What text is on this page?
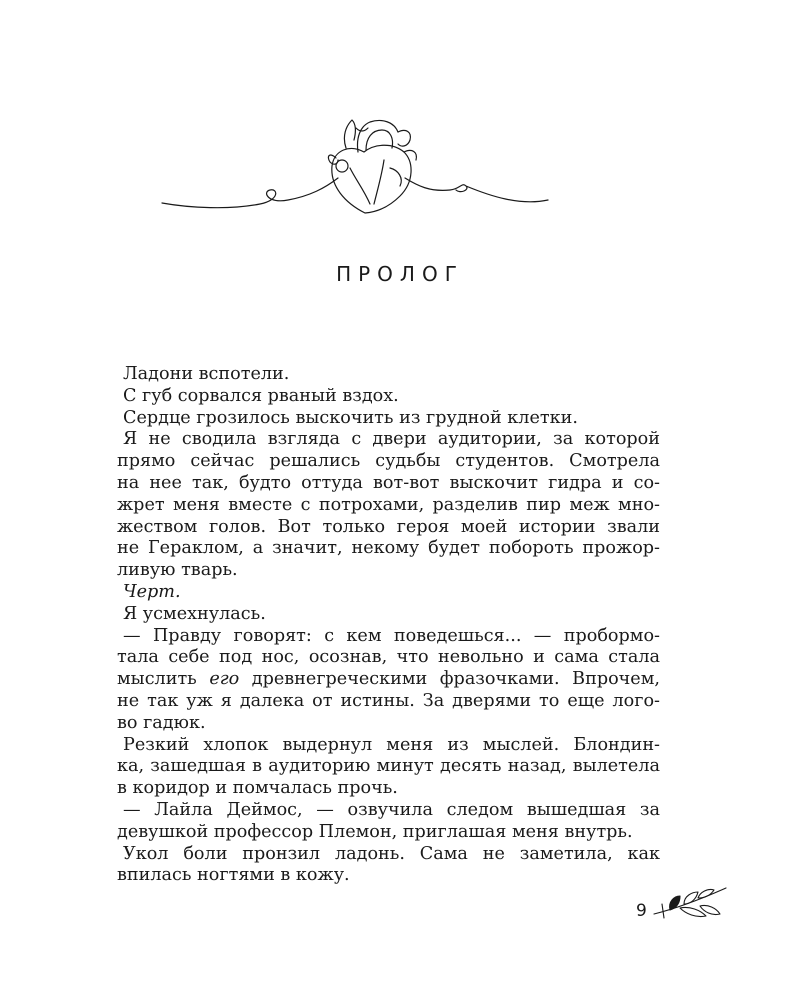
ПРОЛОГ
Ладони вспотели.
С губ сорвался рваный вздох.
Сердце грозилось выскочить из грудной клетки.
Я не сводила взгляда с двери аудитории, за которой
прямо сейчас решались судьбы студентов. Смотрела
на нее так, будто оттуда вот-вот выскочит гидра и со-
жрет меня вместе с потрохами, разделив пир меж мно-
жеством голов. Вот только героя моей истории звали
не Гераклом, а значит, некому будет побороть прожор-
ливую тварь.
Черт.
Я усмехнулась.
— Правду говорят: с кем поведешься... — пробормо-
тала себе под нос, осознав, что невольно и сама стала
мыслить его древнегреческими фразочками. Впрочем,
не так уж я далека от истины. За дверями то еще лого-
во гадюк.
Резкий хлопок выдернул меня из мыслей. Блондин-
ка, зашедшая в аудиторию минут десять назад, вылетела
в коридор и помчалась прочь.
— Лайла Деймос, — озвучила следом вышедшая за
девушкой профессор Племон, приглашая меня внутрь.
Укол боли пронзил ладонь. Сама не заметила, как
впилась ногтями в кожу.
9
